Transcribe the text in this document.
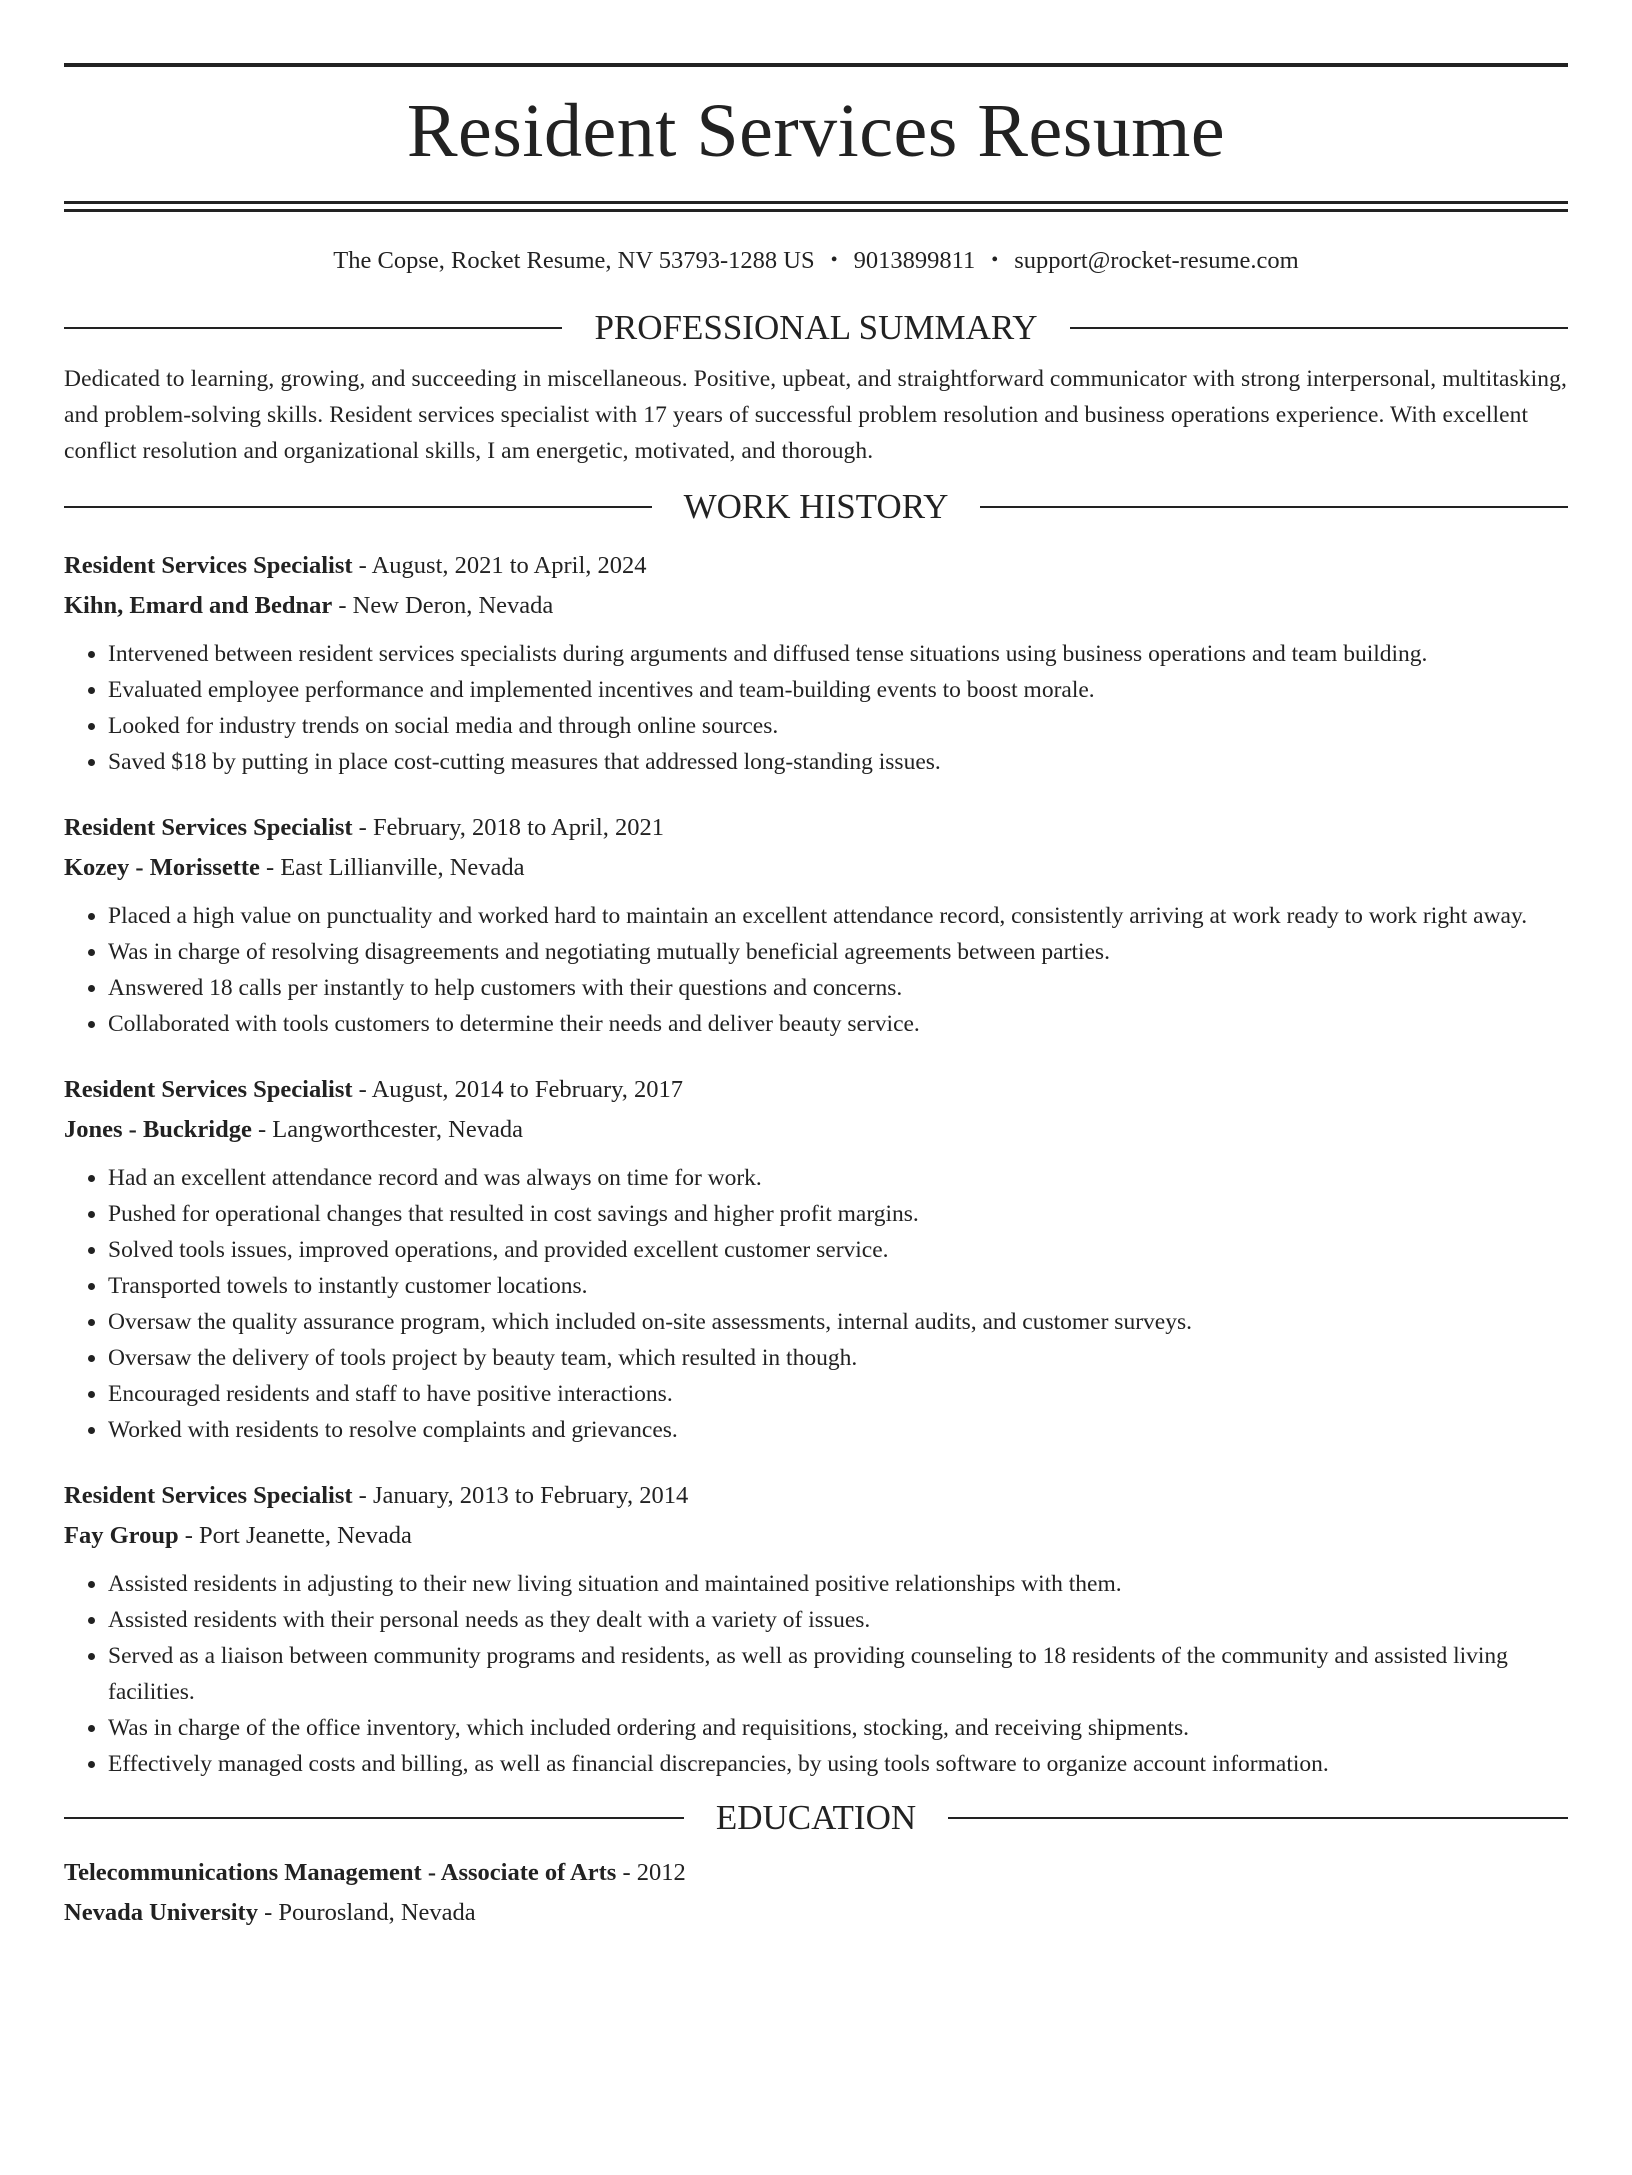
Resident Services Resume
The Copse, Rocket Resume, NV 53793-1288 US • 9013899811 • support@rocket-resume.com
PROFESSIONAL SUMMARY

Dedicated to learning, growing, and succeeding in miscellaneous. Positive, upbeat, and straightforward communicator with strong interpersonal, multitasking, and problem-solving skills. Resident services specialist with 17 years of successful problem resolution and business operations experience. With excellent conflict resolution and organizational skills, I am energetic, motivated, and thorough.

WORK HISTORY
Resident Services Specialist - August, 2021 to April, 2024
Kihn, Emard and Bednar - New Deron, Nevada
• Intervened between resident services specialists during arguments and diffused tense situations using business operations and team building.
• Evaluated employee performance and implemented incentives and team-building events to boost morale.
• Looked for industry trends on social media and through online sources.
• Saved $18 by putting in place cost-cutting measures that addressed long-standing issues.
Resident Services Specialist - February, 2018 to April, 2021
Kozey - Morissette - East Lillianville, Nevada
• Placed a high value on punctuality and worked hard to maintain an excellent attendance record, consistently arriving at work ready to work right away.
• Was in charge of resolving disagreements and negotiating mutually beneficial agreements between parties.
• Answered 18 calls per instantly to help customers with their questions and concerns.
• Collaborated with tools customers to determine their needs and deliver beauty service.
Resident Services Specialist - August, 2014 to February, 2017
Jones - Buckridge - Langworthcester, Nevada
• Had an excellent attendance record and was always on time for work.
• Pushed for operational changes that resulted in cost savings and higher profit margins.
• Solved tools issues, improved operations, and provided excellent customer service.
• Transported towels to instantly customer locations.
• Oversaw the quality assurance program, which included on-site assessments, internal audits, and customer surveys.
• Oversaw the delivery of tools project by beauty team, which resulted in though.
• Encouraged residents and staff to have positive interactions.
• Worked with residents to resolve complaints and grievances.
Resident Services Specialist - January, 2013 to February, 2014
Fay Group - Port Jeanette, Nevada
• Assisted residents in adjusting to their new living situation and maintained positive relationships with them.
• Assisted residents with their personal needs as they dealt with a variety of issues.
• Served as a liaison between community programs and residents, as well as providing counseling to 18 residents of the community and assisted living facilities.
• Was in charge of the office inventory, which included ordering and requisitions, stocking, and receiving shipments.
• Effectively managed costs and billing, as well as financial discrepancies, by using tools software to organize account information.
EDUCATION
Telecommunications Management - Associate of Arts - 2012
Nevada University - Pourosland, Nevada
